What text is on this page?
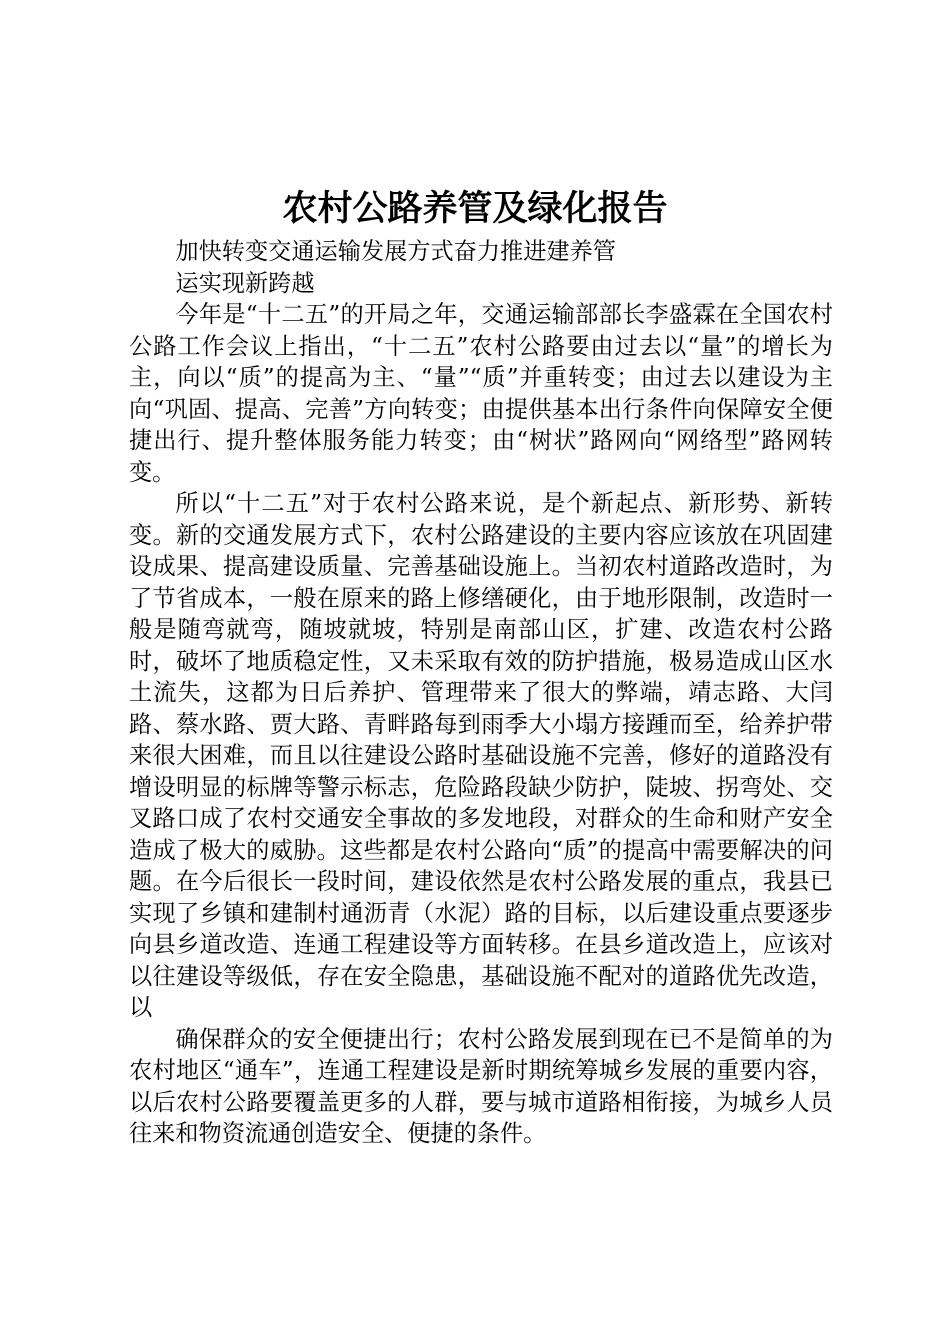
农村公路养管及绿化报告

加快转变交通运输发展方式奋力推进建养管

运实现新跨越

今年是“十二五”的开局之年，交通运输部部长李盛霖在全国农村公路工作会议上指出，“十二五”农村公路要由过去以“量”的增长为主，向以“质”的提高为主、“量”“质”并重转变；由过去以建设为主向“巩固、提高、完善”方向转变；由提供基本出行条件向保障安全便捷出行、提升整体服务能力转变；由“树状”路网向“网络型”路网转变。

所以“十二五”对于农村公路来说，是个新起点、新形势、新转变。新的交通发展方式下，农村公路建设的主要内容应该放在巩固建设成果、提高建设质量、完善基础设施上。当初农村道路改造时，为了节省成本，一般在原来的路上修缮硬化，由于地形限制，改造时一般是随弯就弯，随坡就坡，特别是南部山区，扩建、改造农村公路时，破坏了地质稳定性，又未采取有效的防护措施，极易造成山区水土流失，这都为日后养护、管理带来了很大的弊端，靖志路、大闫路、蔡水路、贾大路、青畔路每到雨季大小塌方接踵而至，给养护带来很大困难，而且以往建设公路时基础设施不完善，修好的道路没有增设明显的标牌等警示标志，危险路段缺少防护，陡坡、拐弯处、交叉路口成了农村交通安全事故的多发地段，对群众的生命和财产安全造成了极大的威胁。这些都是农村公路向“质”的提高中需要解决的问题。在今后很长一段时间，建设依然是农村公路发展的重点，我县已实现了乡镇和建制村通沥青（水泥）路的目标，以后建设重点要逐步向县乡道改造、连通工程建设等方面转移。在县乡道改造上，应该对以往建设等级低，存在安全隐患，基础设施不配对的道路优先改造，以

确保群众的安全便捷出行；农村公路发展到现在已不是简单的为农村地区“通车”，连通工程建设是新时期统筹城乡发展的重要内容，以后农村公路要覆盖更多的人群，要与城市道路相衔接，为城乡人员往来和物资流通创造安全、便捷的条件。
